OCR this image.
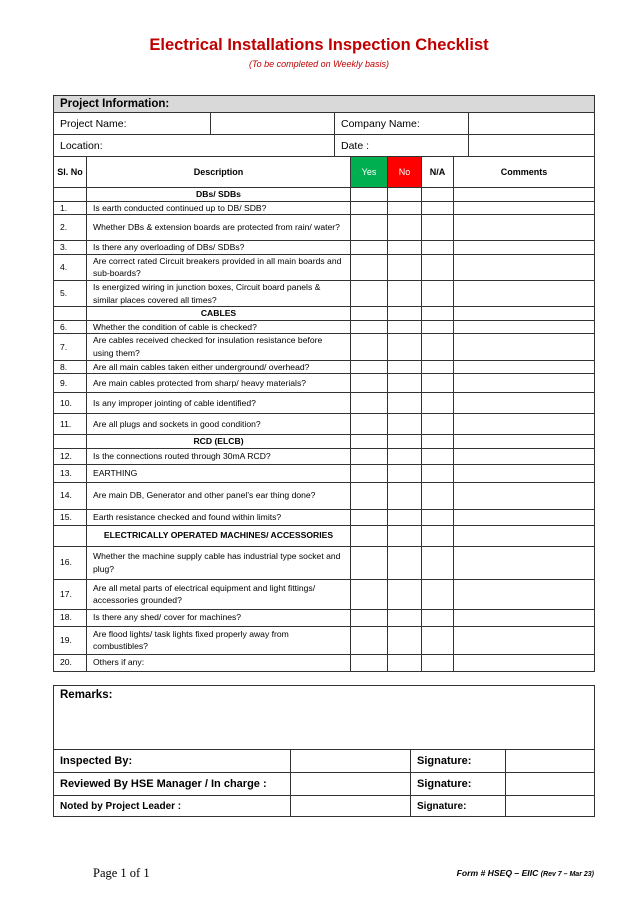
Electrical Installations Inspection Checklist
(To be completed on Weekly basis)
Project Information:			
Project Name:		Company Name:	
Location:		Date :	
Sl. No	Description	Yes	No	N/A	Comments
	DBs/ SDBs				
1.	Is earth conducted continued up to DB/ SDB?				
2.	Whether DBs & extension boards are protected from rain/ water?				
3.	Is there any overloading of DBs/ SDBs?				
4.	Are correct rated Circuit breakers provided in all main boards and sub-boards?				
5.	Is energized wiring in junction boxes, Circuit board panels & similar places covered all times?				
	CABLES				
6.	Whether the condition of cable is checked?				
7.	Are cables received checked for insulation resistance before using them?				
8.	Are all main cables taken either underground/ overhead?				
9.	Are main cables protected from sharp/ heavy materials?				
10.	Is any improper jointing of cable identified?				
11.	Are all plugs and sockets in good condition?				
	RCD (ELCB)				
12.	Is the connections routed through 30mA RCD?				
13.	EARTHING				
14.	Are main DB, Generator and other panel’s ear thing done?				
15.	Earth resistance checked and found within limits?				
	ELECTRICALLY OPERATED MACHINES/ ACCESSORIES				
16.	Whether the machine supply cable has industrial type socket and plug?				
17.	Are all metal parts of electrical equipment and light fittings/ accessories grounded?				
18.	Is there any shed/ cover for machines?				
19.	Are flood lights/ task lights fixed properly away from combustibles?				
20.	Others if any:				
Remarks:			
Inspected By:		Signature:	
Reviewed By HSE Manager / In charge :		Signature:	
Noted by Project Leader :		Signature:	
Page 1 of 1	Form # HSEQ – EIIC (Rev 7 – Mar 23)
